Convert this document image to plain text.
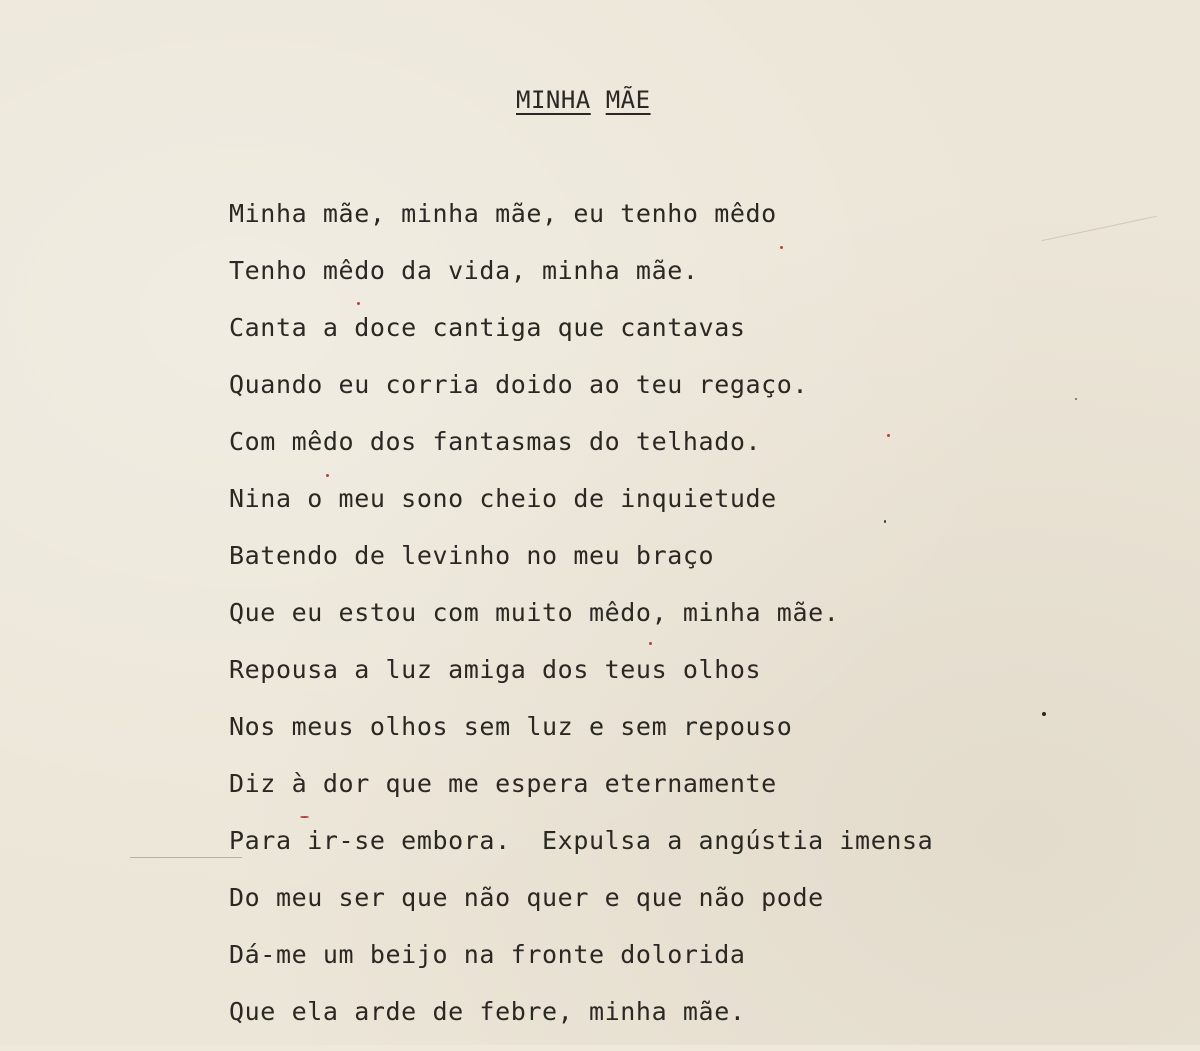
MINHA MÃE
Minha mãe, minha mãe, eu tenho mêdo
Tenho mêdo da vida, minha mãe.
Canta a doce cantiga que cantavas
Quando eu corria doido ao teu regaço.
Com mêdo dos fantasmas do telhado.
Nina o meu sono cheio de inquietude
Batendo de levinho no meu braço
Que eu estou com muito mêdo, minha mãe.
Repousa a luz amiga dos teus olhos
Nos meus olhos sem luz e sem repouso
Diz à dor que me espera eternamente
Para ir-se embora.  Expulsa a angústia imensa
Do meu ser que não quer e que não pode
Dá-me um beijo na fronte dolorida
Que ela arde de febre, minha mãe.
